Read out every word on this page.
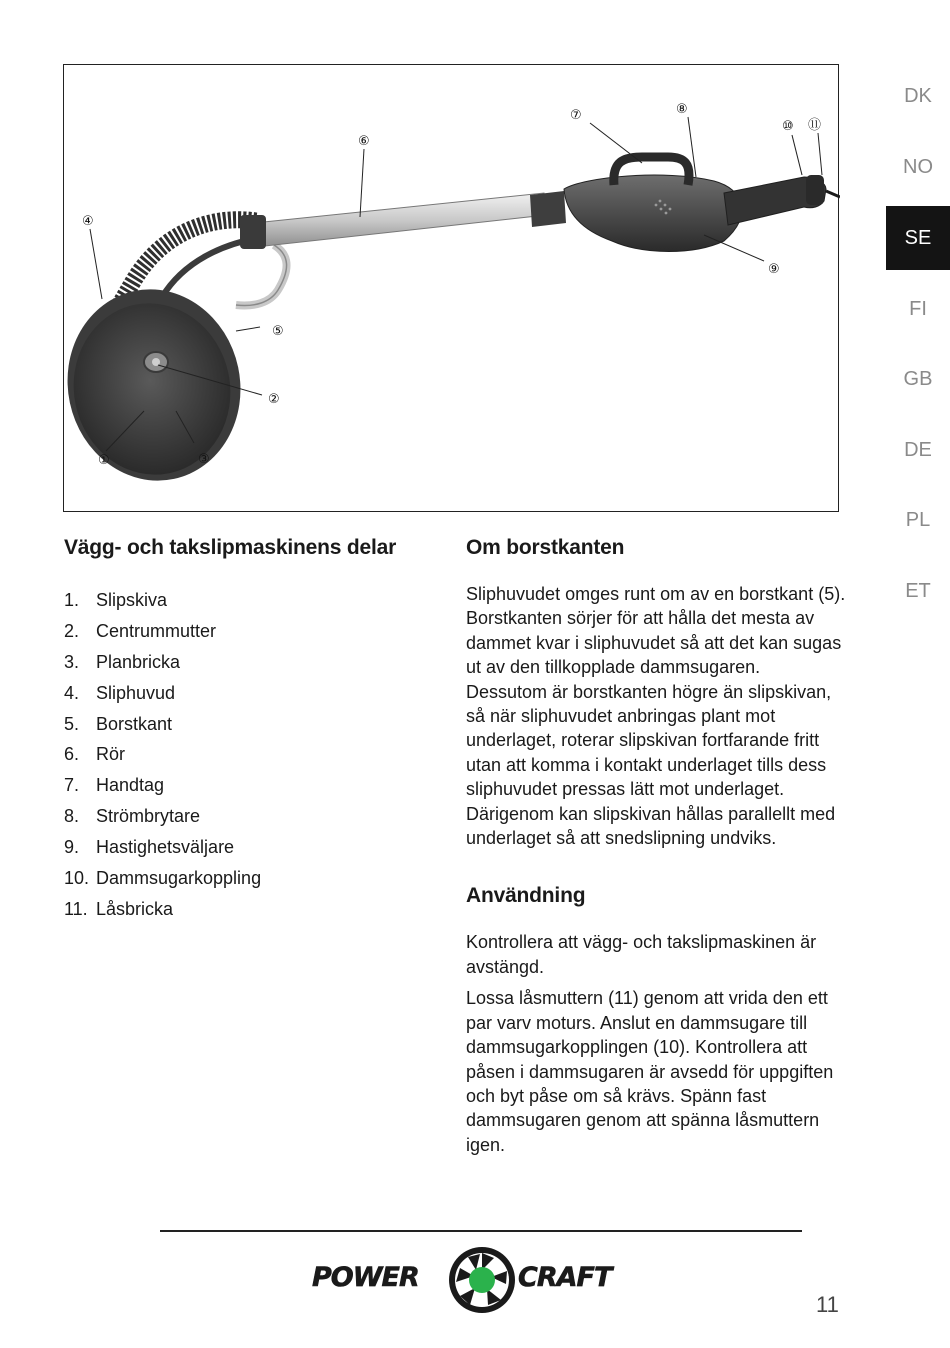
①	③
②
④
⑤
⑥
⑦	⑧
⑨
⑩ ⑪
DK
NO
SE
FI
GB
DE
PL
ET
Vägg- och takslipmaskinens delar
1. Slipskiva
2. Centrummutter
3. Planbricka
4. Sliphuvud
5. Borstkant
6. Rör
7. Handtag
8. Strömbrytare
9. Hastighetsväljare
10. Dammsugarkoppling
11. Låsbricka
Om borstkanten

Sliphuvudet omges runt om av en borstkant (5). Borstkanten sörjer för att hålla det mesta av dammet kvar i sliphuvudet så att det kan sugas ut av den tillkopplade dammsugaren. Dessutom är borstkanten högre än slipskivan, så när sliphuvudet anbringas plant mot underlaget, roterar slipskivan fortfarande fritt utan att komma i kontakt underlaget tills dess sliphuvudet pressas lätt mot underlaget. Därigenom kan slipskivan hållas parallellt med underlaget så att snedslipning undviks.

Användning

Kontrollera att vägg- och takslipmaskinen är avstängd.

Lossa låsmuttern (11) genom att vrida den ett par varv moturs. Anslut en dammsugare till dammsugarkopplingen (10). Kontrollera att påsen i dammsugaren är avsedd för uppgiften och byt påse om så krävs. Spänn fast dammsugaren genom att spänna låsmuttern igen.

POWER	CRAFT
11
